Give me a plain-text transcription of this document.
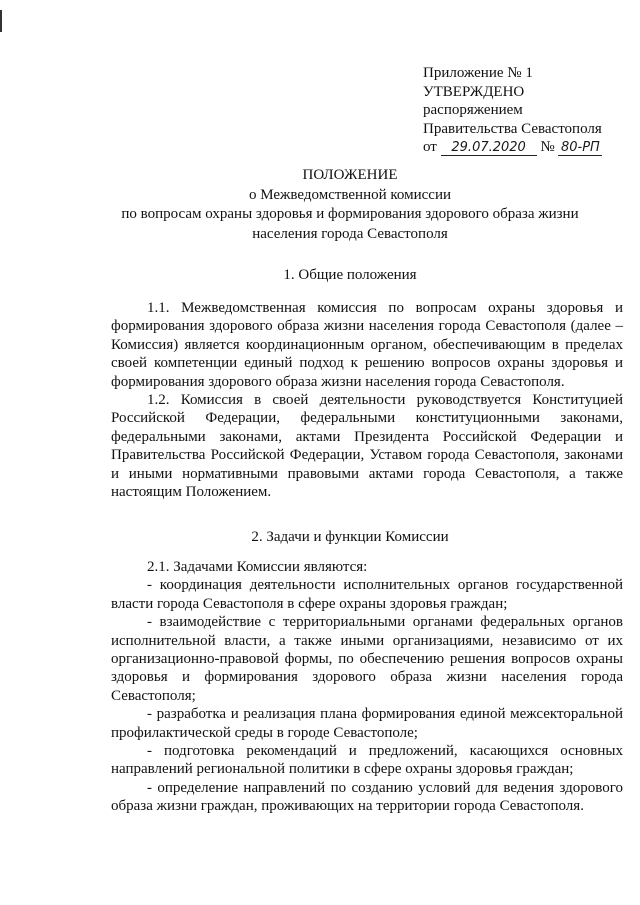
Приложение № 1
УТВЕРЖДЕНО
распоряжением
Правительства Севастополя
от 29.07.2020 № 80-РП
ПОЛОЖЕНИЕ
о Межведомственной комиссии
по вопросам охраны здоровья и формирования здорового образа жизни
населения города Севастополя
1. Общие положения

1.1. Межведомственная комиссия по вопросам охраны здоровья и формирования здорового образа жизни населения города Севастополя (далее – Комиссия) является координационным органом, обеспечивающим в пределах своей компетенции единый подход к решению вопросов охраны здоровья и формирования здорового образа жизни населения города Севастополя.

1.2. Комиссия в своей деятельности руководствуется Конституцией Российской Федерации, федеральными конституционными законами, федеральными законами, актами Президента Российской Федерации и Правительства Российской Федерации, Уставом города Севастополя, законами и иными нормативными правовыми актами города Севастополя, а также настоящим Положением.

2. Задачи и функции Комиссии

2.1. Задачами Комиссии являются:

- координация деятельности исполнительных органов государственной власти города Севастополя в сфере охраны здоровья граждан;

- взаимодействие с территориальными органами федеральных органов исполнительной власти, а также иными организациями, независимо от их организационно-правовой формы, по обеспечению решения вопросов охраны здоровья и формирования здорового образа жизни населения города Севастополя;

- разработка и реализация плана формирования единой межсекторальной профилактической среды в городе Севастополе;

- подготовка рекомендаций и предложений, касающихся основных направлений региональной политики в сфере охраны здоровья граждан;

- определение направлений по созданию условий для ведения здорового образа жизни граждан, проживающих на территории города Севастополя.
